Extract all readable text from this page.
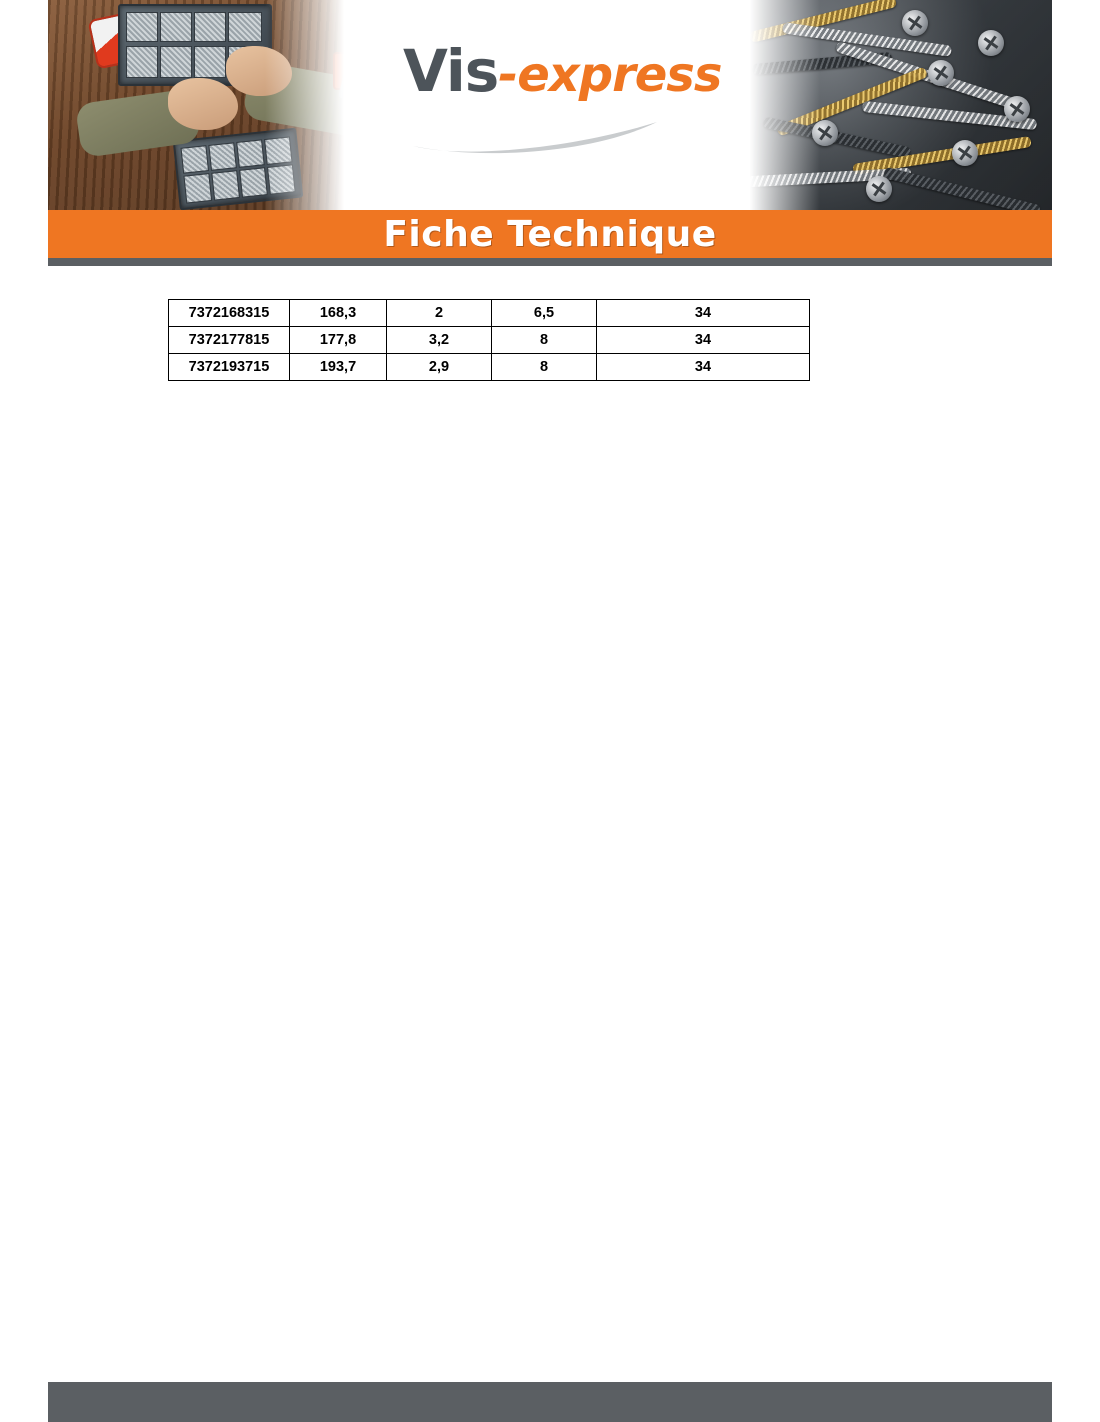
Vis-express
Fiche Technique
7372168315	168,3	2	6,5	34
7372177815	177,8	3,2	8	34
7372193715	193,7	2,9	8	34
